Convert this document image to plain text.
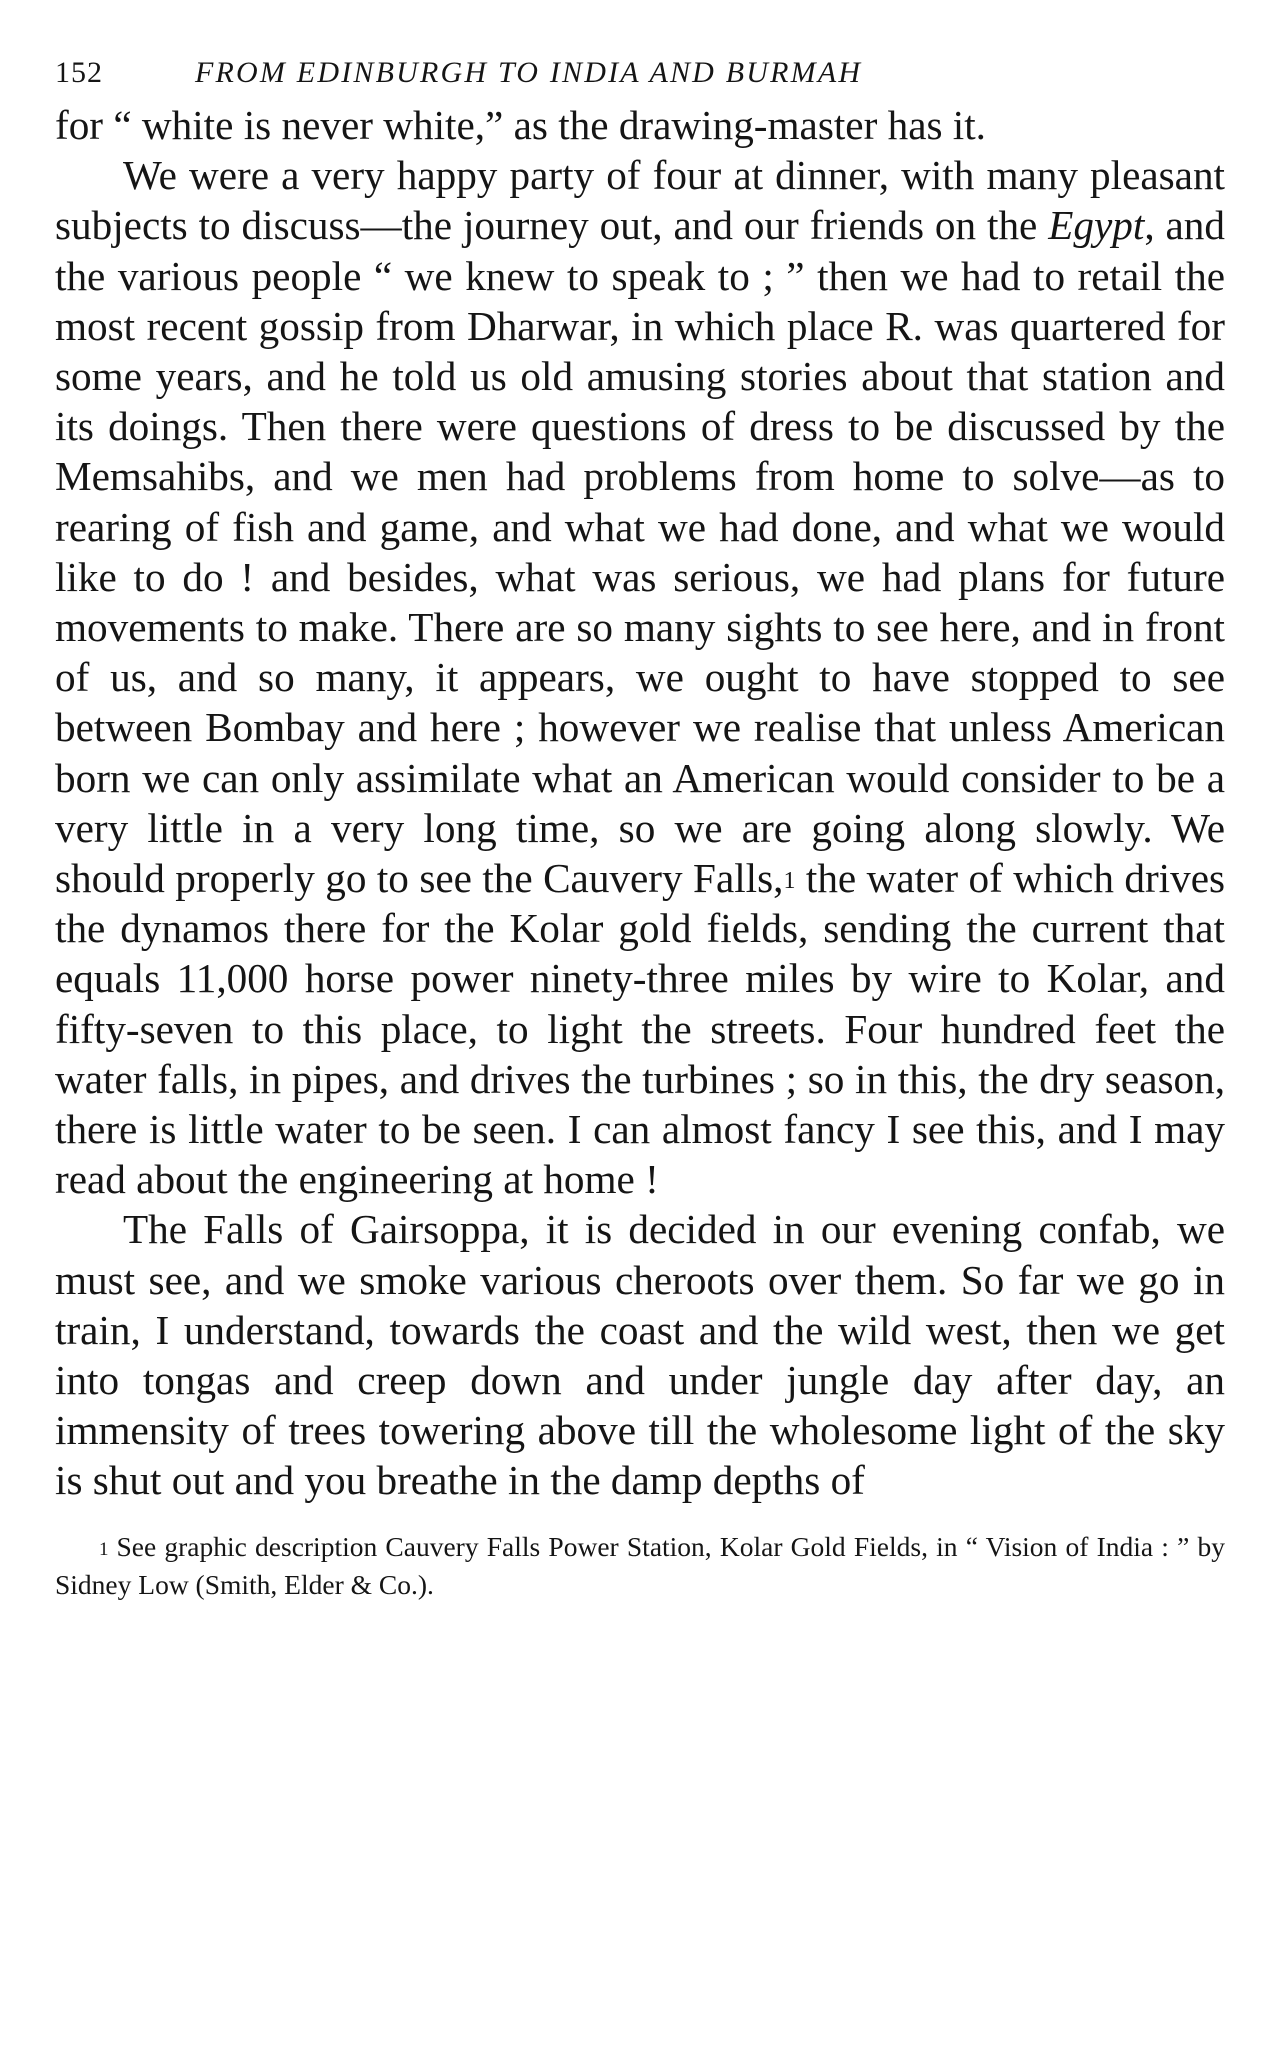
152	FROM EDINBURGH TO INDIA AND BURMAH

for “ white is never white,” as the drawing-master has it.

We were a very happy party of four at dinner, with many pleasant subjects to discuss—the journey out, and our friends on the Egypt, and the various people “ we knew to speak to ; ” then we had to retail the most recent gossip from Dharwar, in which place R. was quartered for some years, and he told us old amusing stories about that station and its doings. Then there were questions of dress to be discussed by the Memsahibs, and we men had problems from home to solve—as to rearing of fish and game, and what we had done, and what we would like to do ! and besides, what was serious, we had plans for future movements to make. There are so many sights to see here, and in front of us, and so many, it appears, we ought to have stopped to see between Bombay and here ; however we realise that unless American born we can only assimilate what an American would consider to be a very little in a very long time, so we are going along slowly. We should properly go to see the Cauvery Falls,$^1$ the water of which drives the dynamos there for the Kolar gold fields, sending the current that equals 11,000 horse power ninety-three miles by wire to Kolar, and fifty-seven to this place, to light the streets. Four hundred feet the water falls, in pipes, and drives the turbines ; so in this, the dry season, there is little water to be seen. I can almost fancy I see this, and I may read about the engineering at home !

The Falls of Gairsoppa, it is decided in our evening confab, we must see, and we smoke various cheroots over them. So far we go in train, I understand, towards the coast and the wild west, then we get into tongas and creep down and under jungle day after day, an immensity of trees towering above till the wholesome light of the sky is shut out and you breathe in the damp depths of

$^1$ See graphic description Cauvery Falls Power Station, Kolar Gold Fields, in “ Vision of India : ” by Sidney Low (Smith, Elder & Co.).
